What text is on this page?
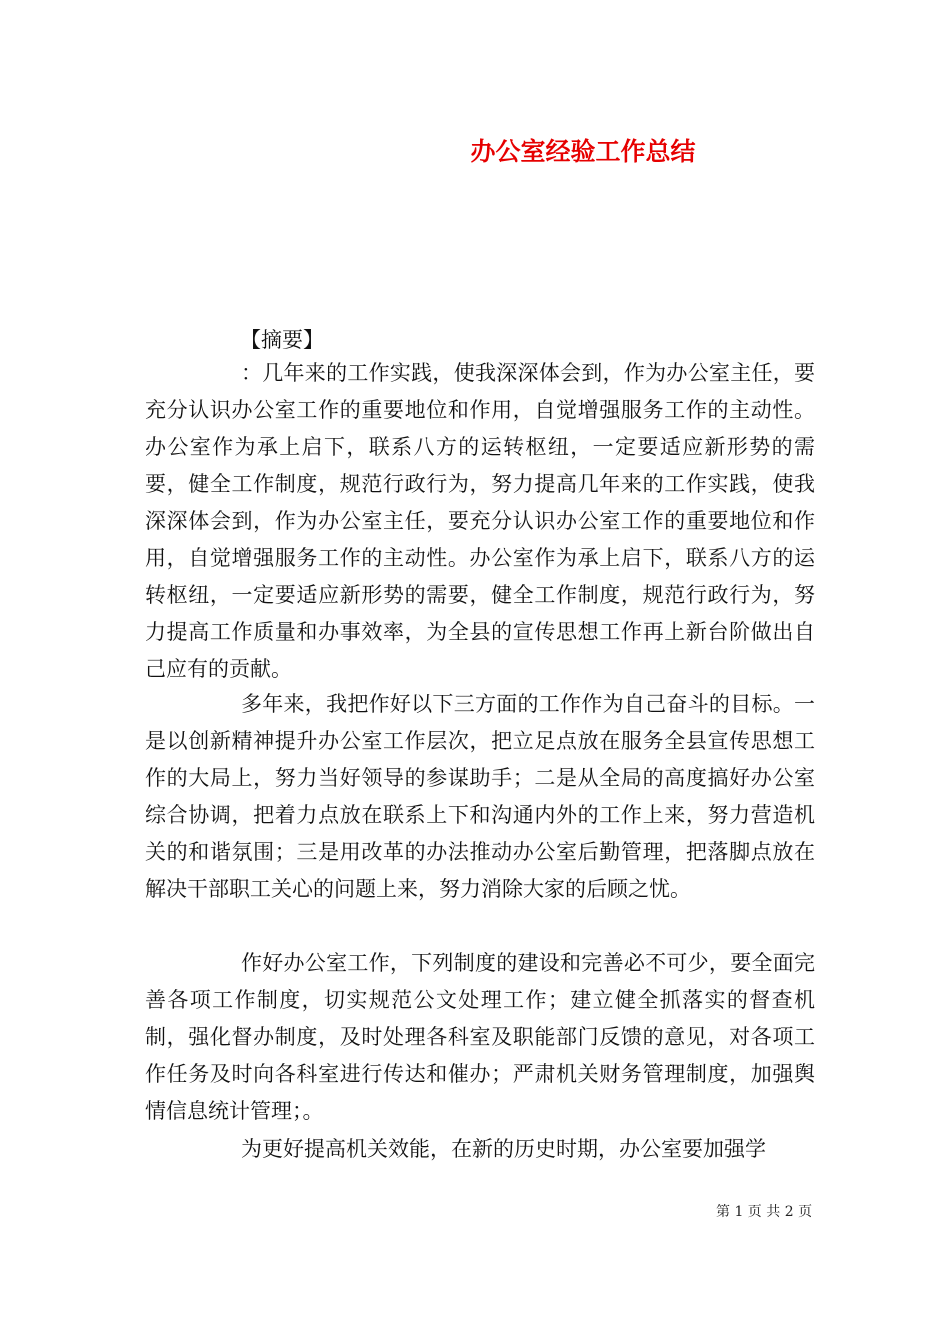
办公室经验工作总结

【摘要】

：几年来的工作实践，使我深深体会到，作为办公室主任，要充分认识办公室工作的重要地位和作用，自觉增强服务工作的主动性。办公室作为承上启下，联系八方的运转枢纽，一定要适应新形势的需要，健全工作制度，规范行政行为，努力提高几年来的工作实践，使我深深体会到，作为办公室主任，要充分认识办公室工作的重要地位和作用，自觉增强服务工作的主动性。办公室作为承上启下，联系八方的运转枢纽，一定要适应新形势的需要，健全工作制度，规范行政行为，努力提高工作质量和办事效率，为全县的宣传思想工作再上新台阶做出自己应有的贡献。

多年来，我把作好以下三方面的工作作为自己奋斗的目标。一是以创新精神提升办公室工作层次，把立足点放在服务全县宣传思想工作的大局上，努力当好领导的参谋助手；二是从全局的高度搞好办公室综合协调，把着力点放在联系上下和沟通内外的工作上来，努力营造机关的和谐氛围；三是用改革的办法推动办公室后勤管理，把落脚点放在解决干部职工关心的问题上来，努力消除大家的后顾之忧。

作好办公室工作，下列制度的建设和完善必不可少，要全面完善各项工作制度，切实规范公文处理工作；建立健全抓落实的督查机制，强化督办制度，及时处理各科室及职能部门反馈的意见，对各项工作任务及时向各科室进行传达和催办；严肃机关财务管理制度，加强舆情信息统计管理；。

为更好提高机关效能，在新的历史时期，办公室要加强学

第 1 页 共 2 页
